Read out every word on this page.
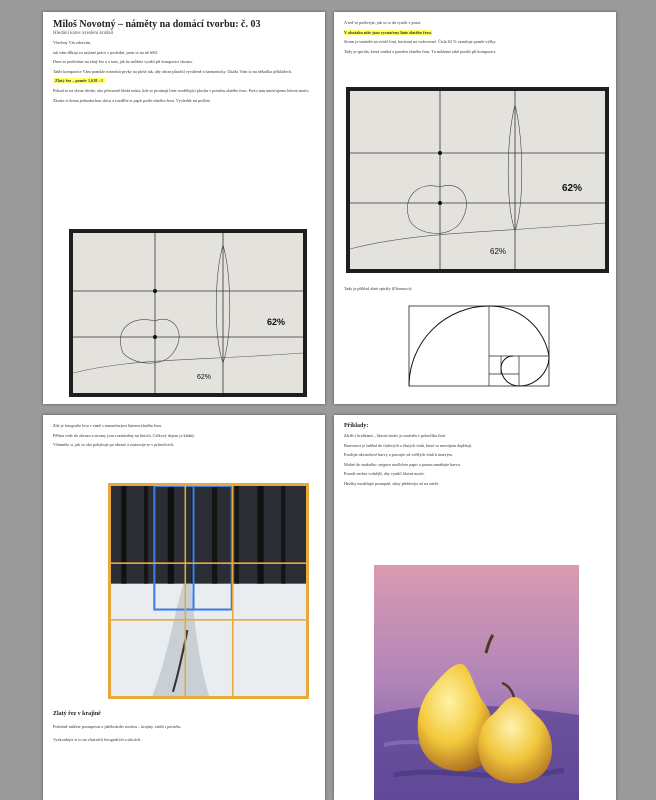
Miloš Novotný – náměty na domácí tvorbu: č. 03
Hledání kotev kreslení kraňků
Všechny Vás zdravím,
tak vám děkuji za zaslané práce z poslední, jsem se na ně těšil.
Dnes se podíváme na zlatý řez a o tom, jak ho můžete využít při kompozici obrazu.
Tahle kompozice Vám pomůže rozmístit prvky na ploše tak, aby obraz působil vyváženě a harmonicky. Ukážu Vám to na několika příkladech.
Zlatý řez – poměr 1,618 : 1
Pokud se na obraz díváte, oko přirozeně hledá místa, kde se protínají linie rozdělující plochu v poměru zlatého řezu. Proto tam umisťujeme hlavní motiv.
Zkuste si doma jednoduchou skicu a rozdělte si papír podle zlatého řezu. Výsledek mi pošlete.
62%
62%
A teď se podívejte, jak se to dá využít v praxi.
V obrázku níže jsou vyznačeny linie zlatého řezu.
Strom je umístěn na svislé linii, horizont na vodorovné. Číslo 62 % označuje poměr výšky.
Tady je spirála, která vzniká z poměru zlatého řezu. Tu můžeme také použít při kompozici.
62%
62%
Tady je příklad zlaté spirály (Fibonacci):
Zde je fotografie lesa v zimě s naznačenými liniemi zlatého řezu.
Pěšina vede do obrazu a stromy jsou rozmístěny na liniích. Celkový dojem je klidný.
Všimněte si, jak se oko pohybuje po obraze a zastavuje se v průsečících.
Zlatý řez v krajině
Podobně můžete postupovat u jakéhokoliv motivu – krajiny, zátiší i portrétu.
Vyzkoušejte si to na vlastních fotografiích a skicách.
Příklady:
Zátiší s hruškami – hlavní motiv je umístěn v průsečíku linií.
Barevnost je laděná do fialových a žlutých tónů, které se navzájem doplňují.
Použijte akvarelové barvy a pracujte od světlých tónů k tmavým.
Mokré do mokrého: nejprve navlhčete papír a potom nanášejte barvu.
Pozadí nechte volnější, aby vynikl hlavní motiv.
Hrušky modelujte postupně, stíny přidávejte až na závěr.
